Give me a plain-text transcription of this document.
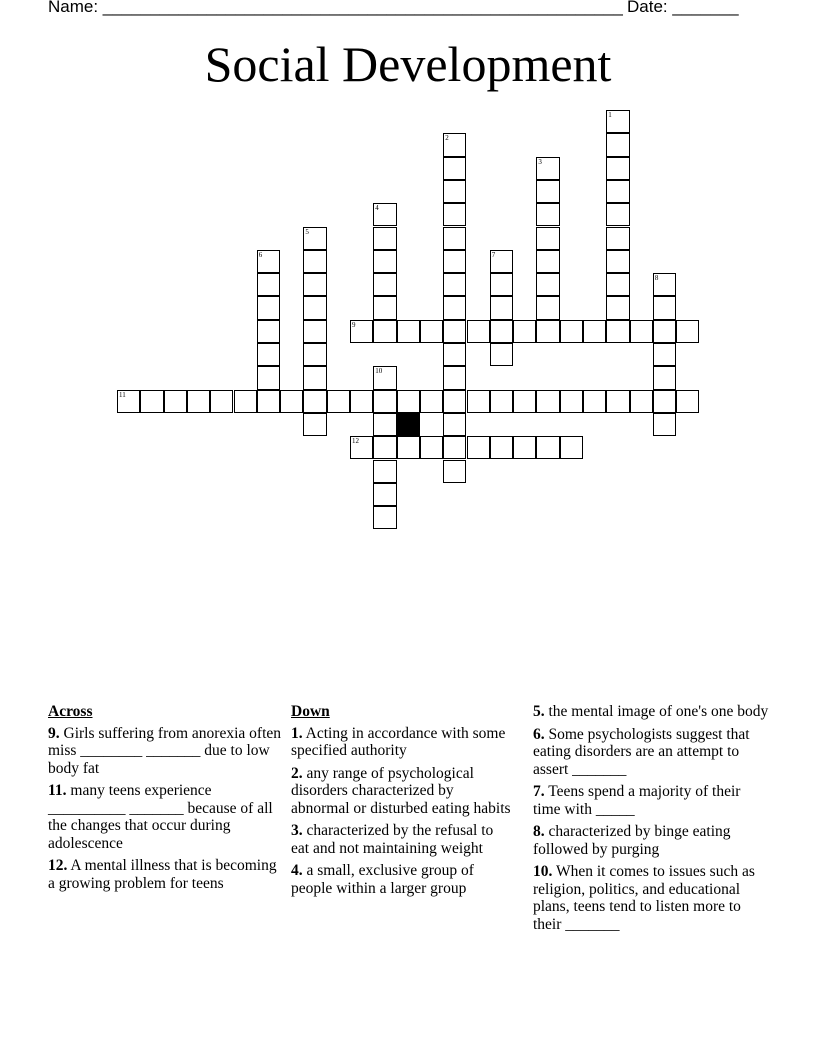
Name: _______________________________________________________ Date: _______
Social Development
1
2
3
4
5
6	7
8
9
10
11
12
Across
9. Girls suffering from anorexia often miss ________ _______ due to low body fat
11. many teens experience __________ _______ because of all the changes that occur during adolescence
12. A mental illness that is becoming a growing problem for teens
Down
1. Acting in accordance with some specified authority
2. any range of psychological disorders characterized by abnormal or disturbed eating habits
3. characterized by the refusal to eat and not maintaining weight
4. a small, exclusive group of people within a larger group
5. the mental image of one's one body
6. Some psychologists suggest that eating disorders are an attempt to assert _______
7. Teens spend a majority of their time with _____
8. characterized by binge eating followed by purging
10. When it comes to issues such as religion, politics, and educational plans, teens tend to listen more to their _______
